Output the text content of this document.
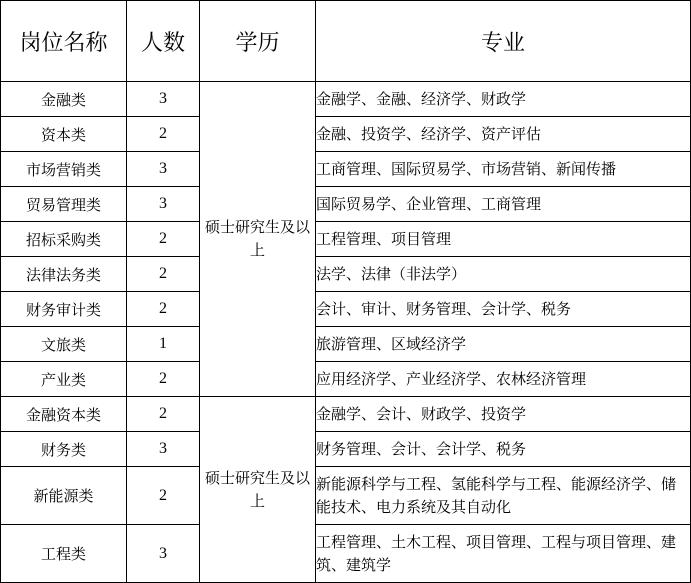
岗位名称	人数	学历	专业
金融类	3	硕士研究生及以上	金融学、金融、经济学、财政学
资本类	2		金融、投资学、经济学、资产评估
市场营销类	3		工商管理、国际贸易学、市场营销、新闻传播
贸易管理类	3		国际贸易学、企业管理、工商管理
招标采购类	2		工程管理、项目管理
法律法务类	2		法学、法律（非法学）
财务审计类	2		会计、审计、财务管理、会计学、税务
文旅类	1		旅游管理、区域经济学
产业类	2		应用经济学、产业经济学、农林经济管理
金融资本类	2	硕士研究生及以上	金融学、会计、财政学、投资学
财务类	3		财务管理、会计、会计学、税务
新能源类	2		新能源科学与工程、氢能科学与工程、能源经济学、储能技术、电力系统及其自动化
工程类	3		工程管理、土木工程、项目管理、工程与项目管理、建筑、建筑学
